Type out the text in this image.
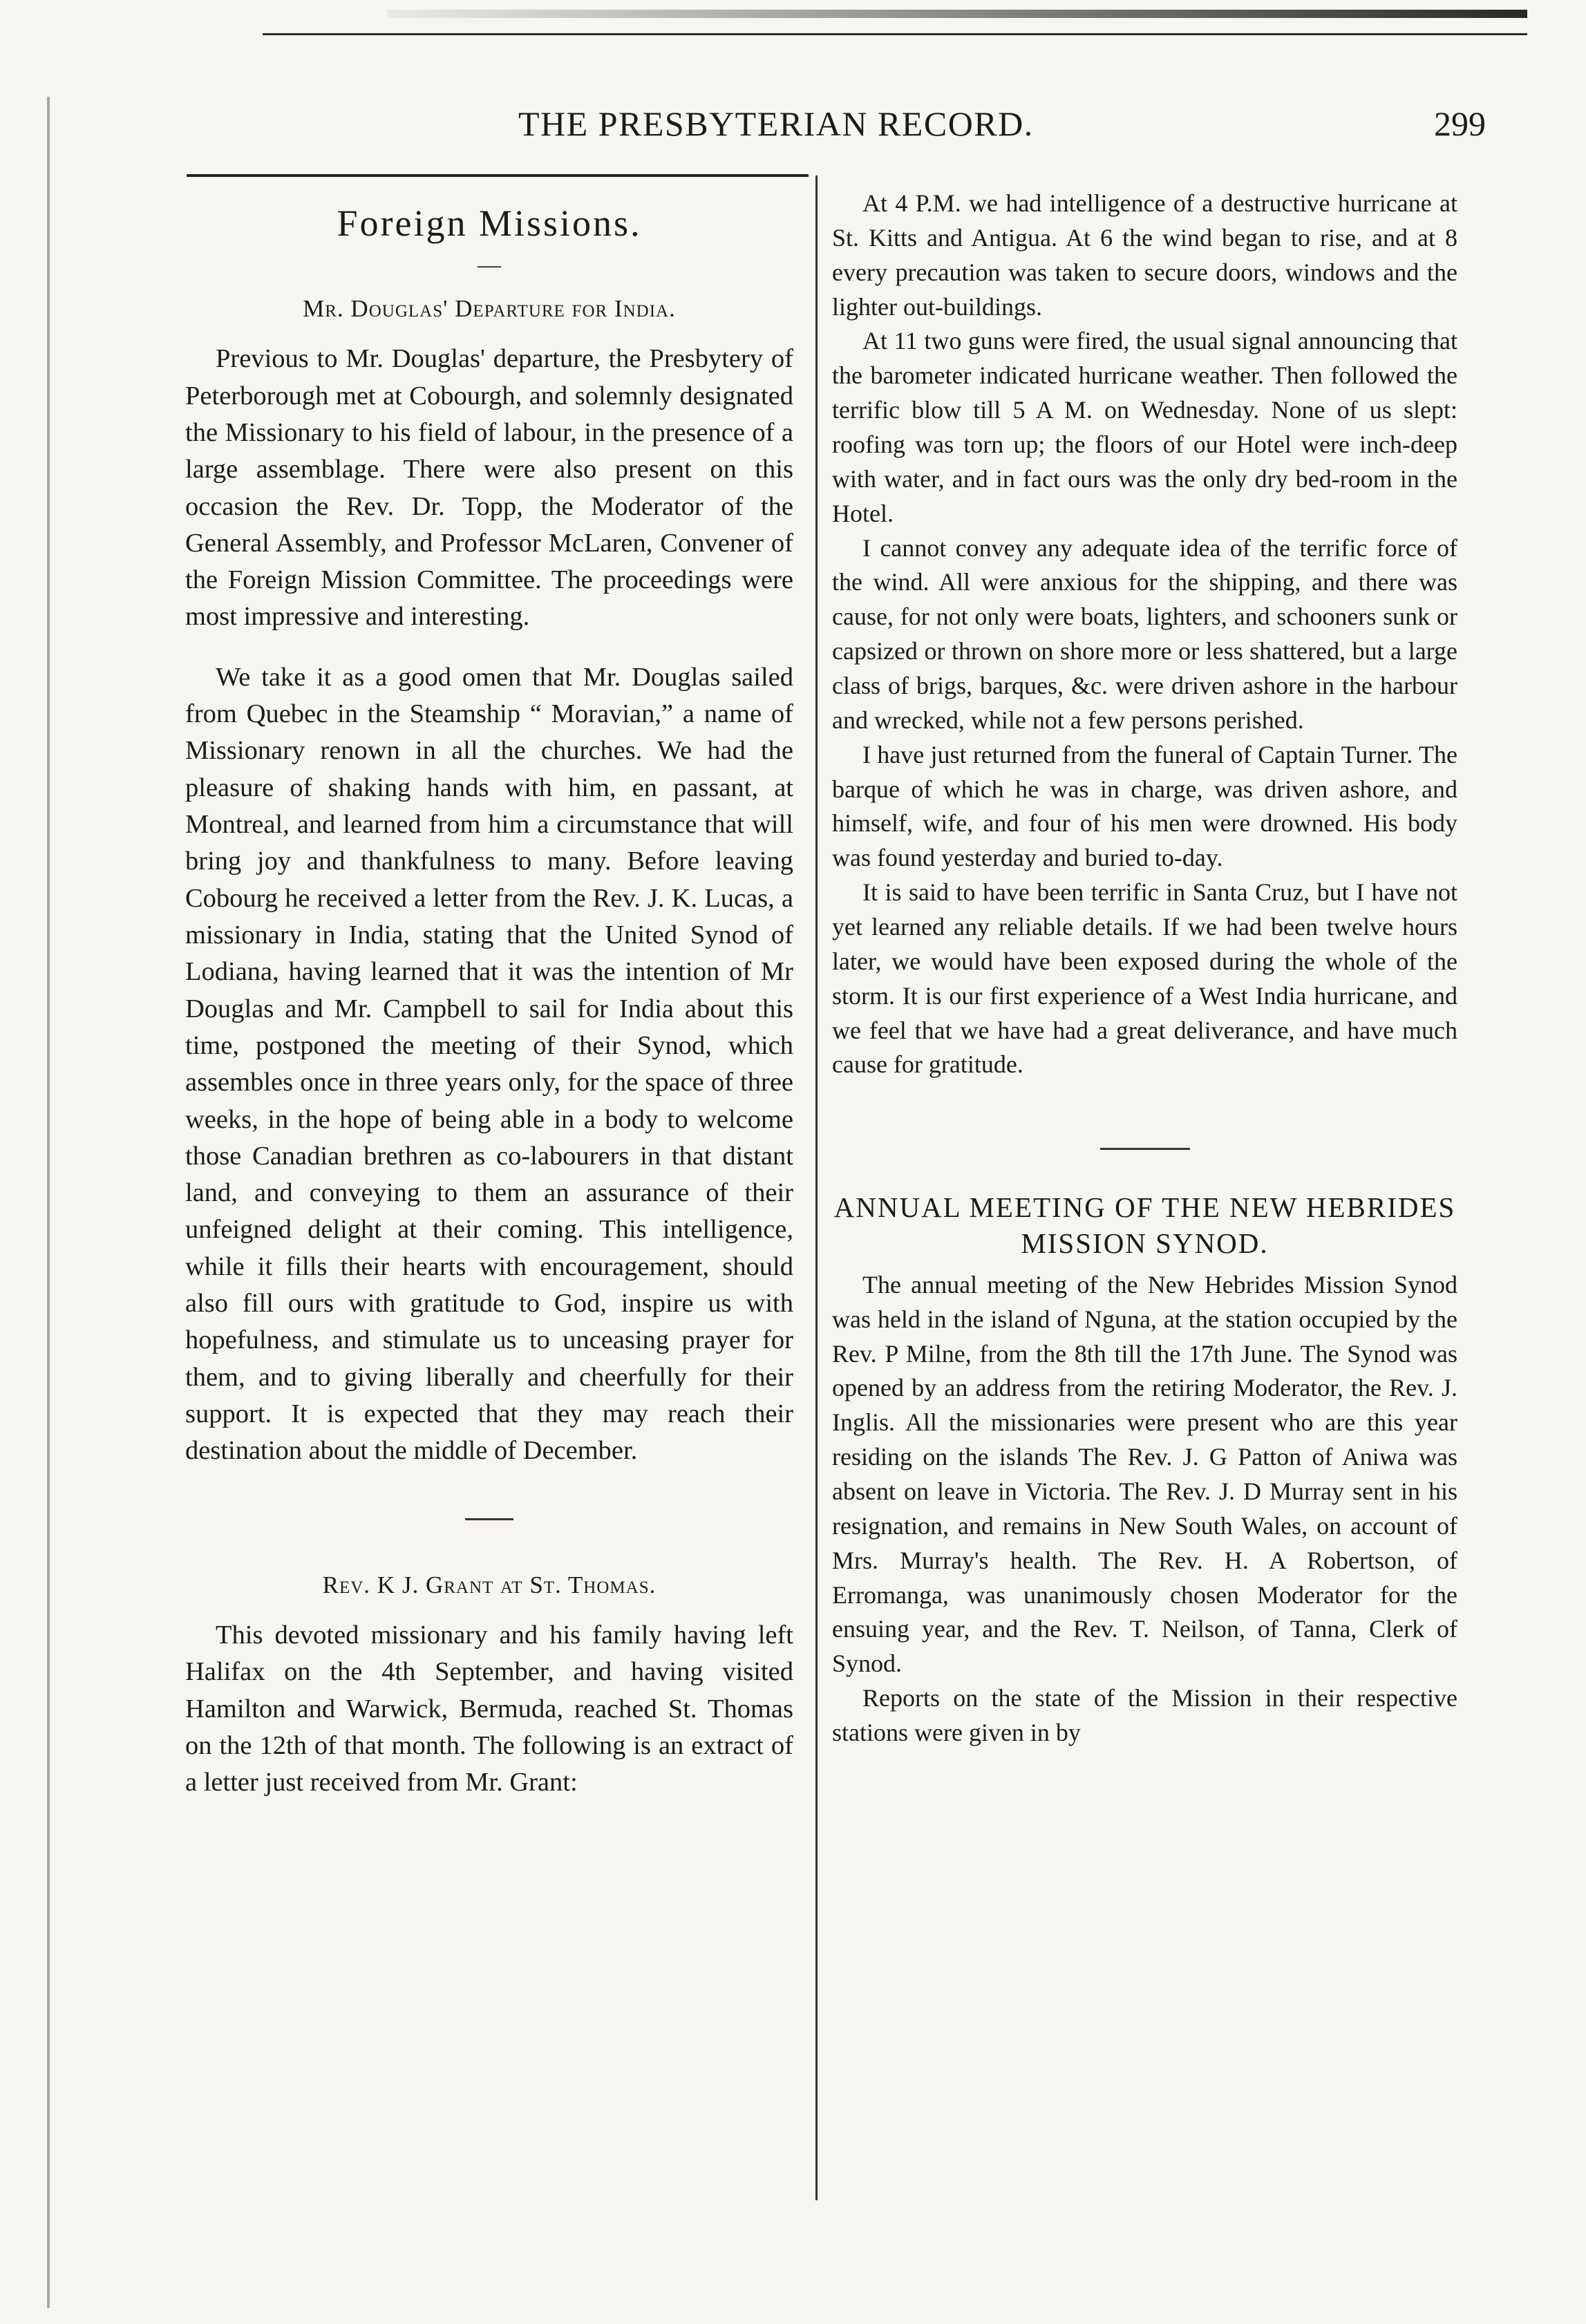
THE PRESBYTERIAN RECORD.	299
Foreign Missions.
—
Mr. Douglas' Departure for India.

Previous to Mr. Douglas' departure, the Presbytery of Peterborough met at Cobourgh, and solemnly designated the Missionary to his field of labour, in the presence of a large assemblage. There were also present on this occasion the Rev. Dr. Topp, the Moderator of the General Assembly, and Professor McLaren, Convener of the Foreign Mission Committee. The proceedings were most impressive and interesting.

We take it as a good omen that Mr. Douglas sailed from Quebec in the Steamship “ Moravian,” a name of Missionary renown in all the churches. We had the pleasure of shaking hands with him, en passant, at Montreal, and learned from him a circumstance that will bring joy and thankfulness to many. Before leaving Cobourg he received a letter from the Rev. J. K. Lucas, a missionary in India, stating that the United Synod of Lodiana, having learned that it was the intention of Mr Douglas and Mr. Campbell to sail for India about this time, postponed the meeting of their Synod, which assembles once in three years only, for the space of three weeks, in the hope of being able in a body to welcome those Canadian brethren as co-labourers in that distant land, and conveying to them an assurance of their unfeigned delight at their coming. This intelligence, while it fills their hearts with encouragement, should also fill ours with gratitude to God, inspire us with hopefulness, and stimulate us to unceasing prayer for them, and to giving liberally and cheerfully for their support. It is expected that they may reach their destination about the middle of December.

Rev. K J. Grant at St. Thomas.

This devoted missionary and his family having left Halifax on the 4th September, and having visited Hamilton and Warwick, Bermuda, reached St. Thomas on the 12th of that month. The following is an extract of a letter just received from Mr. Grant:

At 4 P.M. we had intelligence of a destructive hurricane at St. Kitts and Antigua. At 6 the wind began to rise, and at 8 every precaution was taken to secure doors, windows and the lighter out-buildings.

At 11 two guns were fired, the usual signal announcing that the barometer indicated hurricane weather. Then followed the terrific blow till 5 A M. on Wednesday. None of us slept: roofing was torn up; the floors of our Hotel were inch-deep with water, and in fact ours was the only dry bed-room in the Hotel.

I cannot convey any adequate idea of the terrific force of the wind. All were anxious for the shipping, and there was cause, for not only were boats, lighters, and schooners sunk or capsized or thrown on shore more or less shattered, but a large class of brigs, barques, &c. were driven ashore in the harbour and wrecked, while not a few persons perished.

I have just returned from the funeral of Captain Turner. The barque of which he was in charge, was driven ashore, and himself, wife, and four of his men were drowned. His body was found yesterday and buried to-day.

It is said to have been terrific in Santa Cruz, but I have not yet learned any reliable details. If we had been twelve hours later, we would have been exposed during the whole of the storm. It is our first experience of a West India hurricane, and we feel that we have had a great deliverance, and have much cause for gratitude.

ANNUAL MEETING OF THE NEW HEBRIDES MISSION SYNOD.

The annual meeting of the New Hebrides Mission Synod was held in the island of Nguna, at the station occupied by the Rev. P Milne, from the 8th till the 17th June. The Synod was opened by an address from the retiring Moderator, the Rev. J. Inglis. All the missionaries were present who are this year residing on the islands The Rev. J. G Patton of Aniwa was absent on leave in Victoria. The Rev. J. D Murray sent in his resignation, and remains in New South Wales, on account of Mrs. Murray's health. The Rev. H. A Robertson, of Erromanga, was unanimously chosen Moderator for the ensuing year, and the Rev. T. Neilson, of Tanna, Clerk of Synod.

Reports on the state of the Mission in their respective stations were given in by
